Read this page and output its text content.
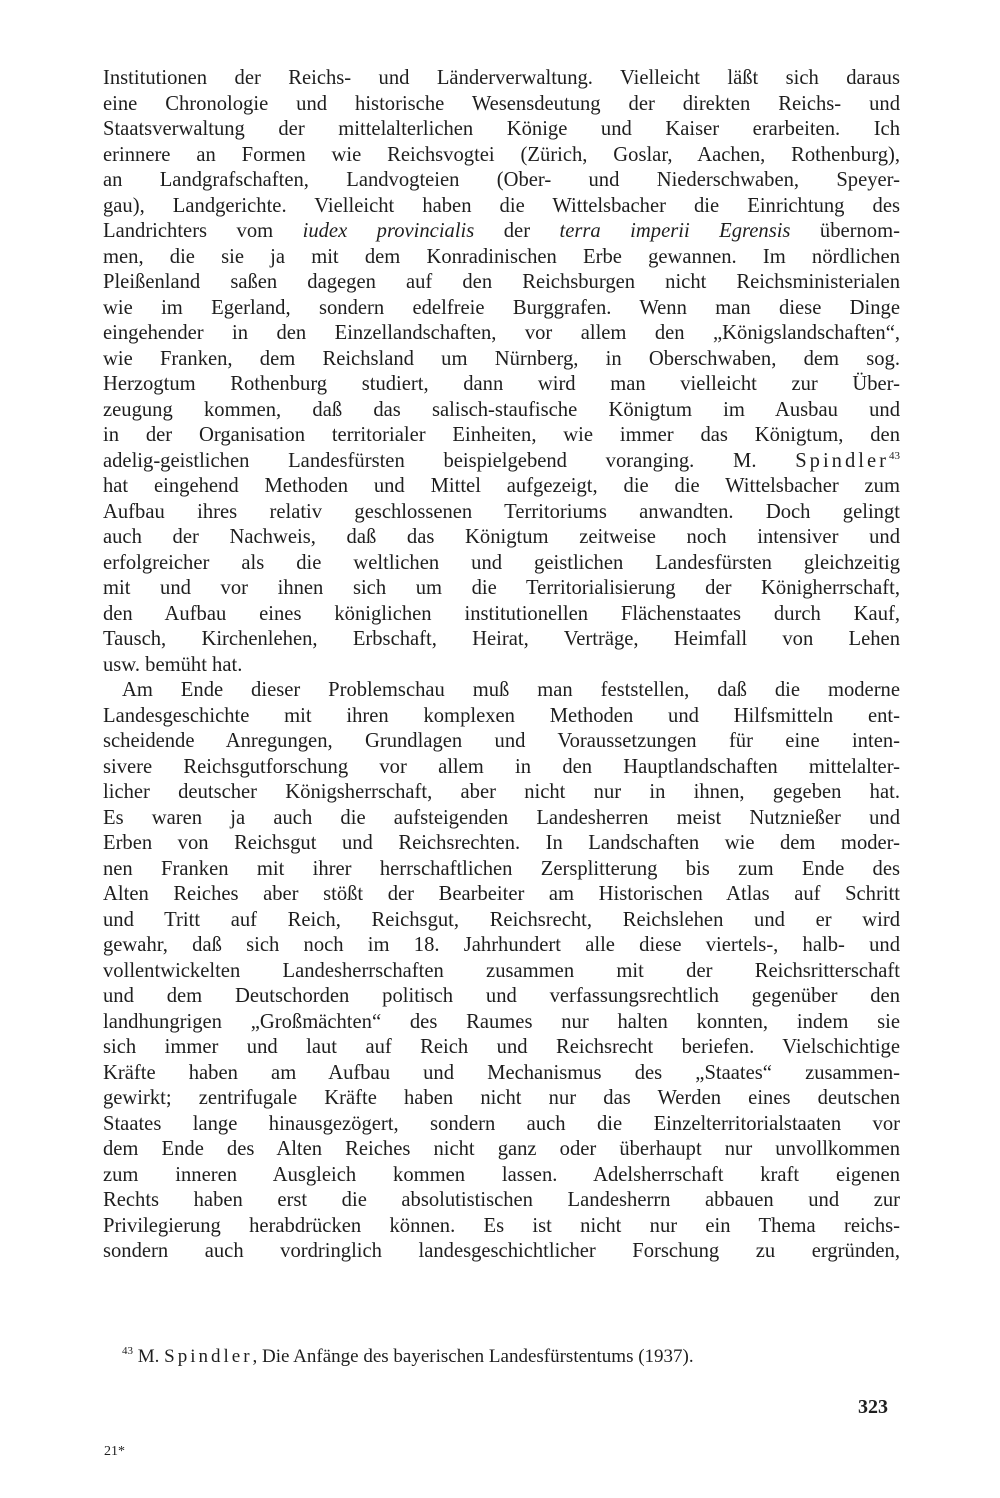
Institutionen der Reichs- und Länderverwaltung. Vielleicht läßt sich daraus
eine Chronologie und historische Wesensdeutung der direkten Reichs- und
Staatsverwaltung der mittelalterlichen Könige und Kaiser erarbeiten. Ich
erinnere an Formen wie Reichsvogtei (Zürich, Goslar, Aachen, Rothenburg),
an Landgrafschaften, Landvogteien (Ober- und Niederschwaben, Speyer-
gau), Landgerichte. Vielleicht haben die Wittelsbacher die Einrichtung des
Landrichters vom iudex provincialis der terra imperii Egrensis übernom-
men, die sie ja mit dem Konradinischen Erbe gewannen. Im nördlichen
Pleißenland saßen dagegen auf den Reichsburgen nicht Reichsministerialen
wie im Egerland, sondern edelfreie Burggrafen. Wenn man diese Dinge
eingehender in den Einzellandschaften, vor allem den „Königslandschaften“,
wie Franken, dem Reichsland um Nürnberg, in Oberschwaben, dem sog.
Herzogtum Rothenburg studiert, dann wird man vielleicht zur Über-
zeugung kommen, daß das salisch-staufische Königtum im Ausbau und
in der Organisation territorialer Einheiten, wie immer das Königtum, den
adelig-geistlichen Landesfürsten beispielgebend voranging. M. Spindler$^{43}$
hat eingehend Methoden und Mittel aufgezeigt, die die Wittelsbacher zum
Aufbau ihres relativ geschlossenen Territoriums anwandten. Doch gelingt
auch der Nachweis, daß das Königtum zeitweise noch intensiver und
erfolgreicher als die weltlichen und geistlichen Landesfürsten gleichzeitig
mit und vor ihnen sich um die Territorialisierung der Königherrschaft,
den Aufbau eines königlichen institutionellen Flächenstaates durch Kauf,
Tausch, Kirchenlehen, Erbschaft, Heirat, Verträge, Heimfall von Lehen
usw. bemüht hat.
Am Ende dieser Problemschau muß man feststellen, daß die moderne
Landesgeschichte mit ihren komplexen Methoden und Hilfsmitteln ent-
scheidende Anregungen, Grundlagen und Voraussetzungen für eine inten-
sivere Reichsgutforschung vor allem in den Hauptlandschaften mittelalter-
licher deutscher Königsherrschaft, aber nicht nur in ihnen, gegeben hat.
Es waren ja auch die aufsteigenden Landesherren meist Nutznießer und
Erben von Reichsgut und Reichsrechten. In Landschaften wie dem moder-
nen Franken mit ihrer herrschaftlichen Zersplitterung bis zum Ende des
Alten Reiches aber stößt der Bearbeiter am Historischen Atlas auf Schritt
und Tritt auf Reich, Reichsgut, Reichsrecht, Reichslehen und er wird
gewahr, daß sich noch im 18. Jahrhundert alle diese viertels-, halb- und
vollentwickelten Landesherrschaften zusammen mit der Reichsritterschaft
und dem Deutschorden politisch und verfassungsrechtlich gegenüber den
landhungrigen „Großmächten“ des Raumes nur halten konnten, indem sie
sich immer und laut auf Reich und Reichsrecht beriefen. Vielschichtige
Kräfte haben am Aufbau und Mechanismus des „Staates“ zusammen-
gewirkt; zentrifugale Kräfte haben nicht nur das Werden eines deutschen
Staates lange hinausgezögert, sondern auch die Einzelterritorialstaaten vor
dem Ende des Alten Reiches nicht ganz oder überhaupt nur unvollkommen
zum inneren Ausgleich kommen lassen. Adelsherrschaft kraft eigenen
Rechts haben erst die absolutistischen Landesherrn abbauen und zur
Privilegierung herabdrücken können. Es ist nicht nur ein Thema reichs-
sondern auch vordringlich landesgeschichtlicher Forschung zu ergründen,
$^{43}$ M. Spindler, Die Anfänge des bayerischen Landesfürstentums (1937).
323
21*
